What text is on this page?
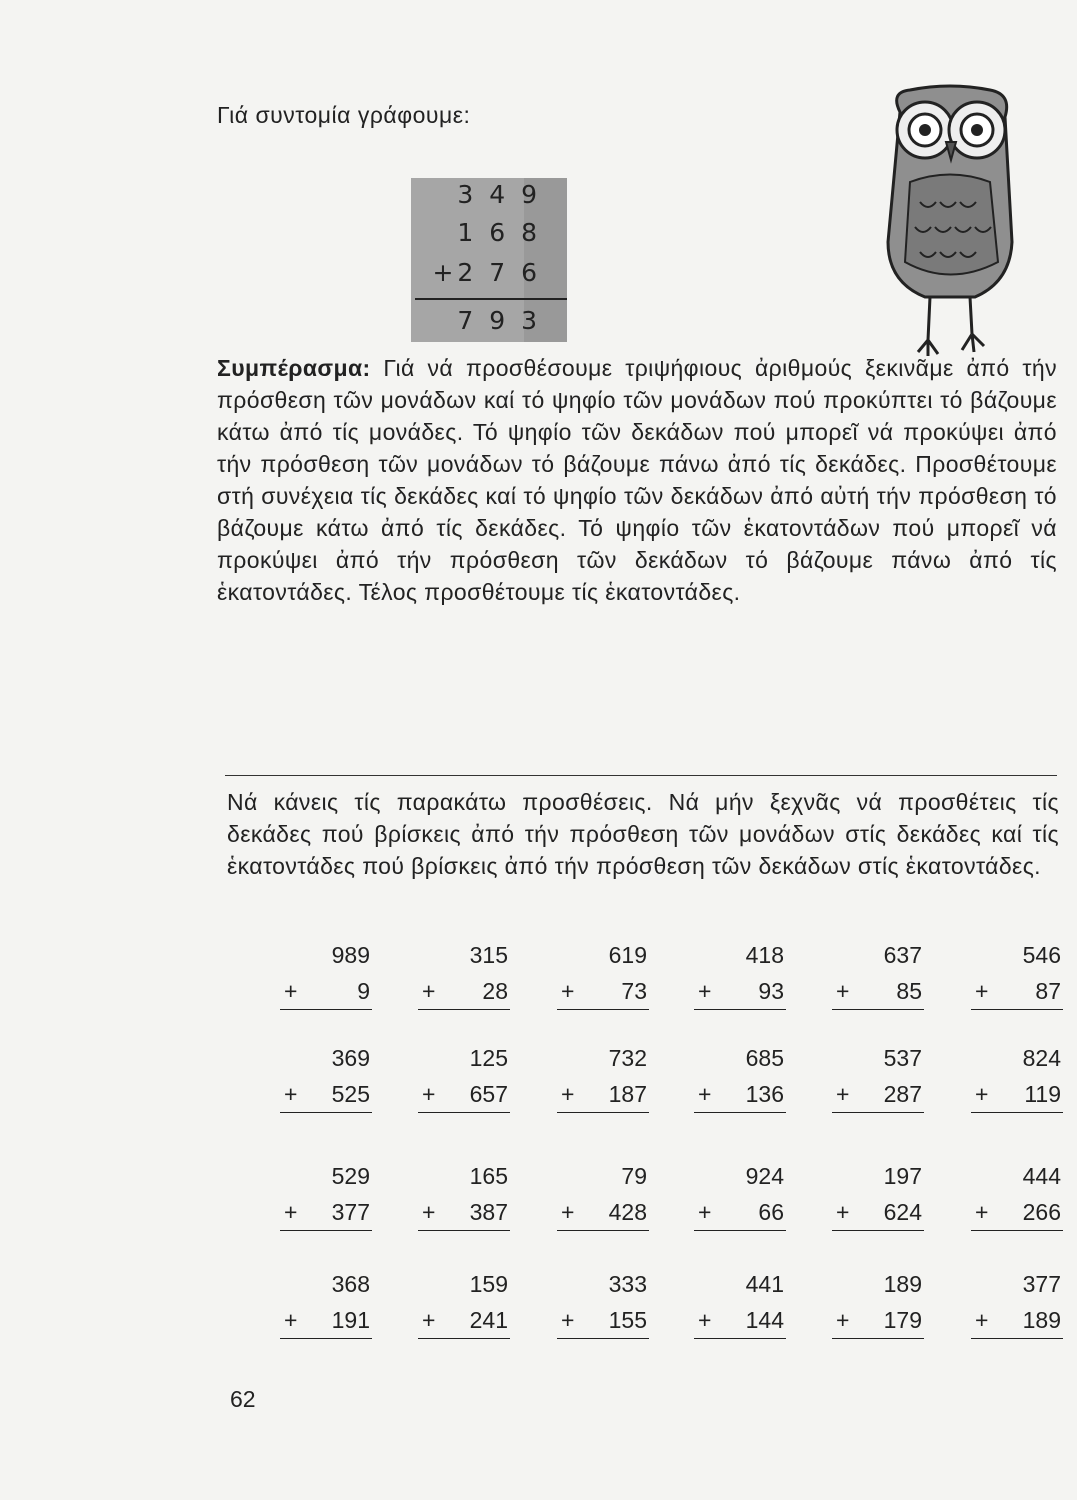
Γιά συντομία γράφουμε:
3 4 9
1 6 8
+2 7 6
7 9 3
Συμπέρασμα: Γιά νά προσθέσουμε τριψήφιους ἀριθμούς ξεκινᾶμε ἀπό τήν πρόσθεση τῶν μονάδων καί τό ψηφίο τῶν μονάδων πού προκύπτει τό βάζουμε κάτω ἀπό τίς μονάδες. Τό ψηφίο τῶν δεκάδων πού μπορεῖ νά προκύψει ἀπό τήν πρόσθεση τῶν μονάδων τό βάζουμε πάνω ἀπό τίς δεκάδες. Προσθέτουμε στή συνέχεια τίς δεκάδες καί τό ψηφίο τῶν δεκάδων ἀπό αὐτή τήν πρόσθεση τό βάζουμε κάτω ἀπό τίς δεκάδες. Τό ψηφίο τῶν ἑκατοντάδων πού μπορεῖ νά προκύψει ἀπό τήν πρόσθεση τῶν δεκάδων τό βάζουμε πάνω ἀπό τίς ἑκατοντάδες. Τέλος προσθέτουμε τίς ἑκατοντάδες.
Νά κάνεις τίς παρακάτω προσθέσεις. Νά μήν ξεχνᾶς νά προσθέτεις τίς δεκάδες πού βρίσκεις ἀπό τήν πρόσθεση τῶν μονάδων στίς δεκάδες καί τίς ἑκατοντάδες πού βρίσκεις ἀπό τήν πρόσθεση τῶν δεκάδων στίς ἑκατοντάδες.
989
+	9
315
+ 28
619
+ 73
418
+ 93
637
+ 85
546
+ 87
369
+ 525
125
+ 657
732
+ 187
685
+ 136
537
+ 287
824
+ 119
529
+ 377
165
+ 387
79
+ 428
924
+ 66
197
+ 624
444
+ 266
368
+ 191
159
+ 241
333
+ 155
441
+ 144
189
+ 179
377
+ 189
62
